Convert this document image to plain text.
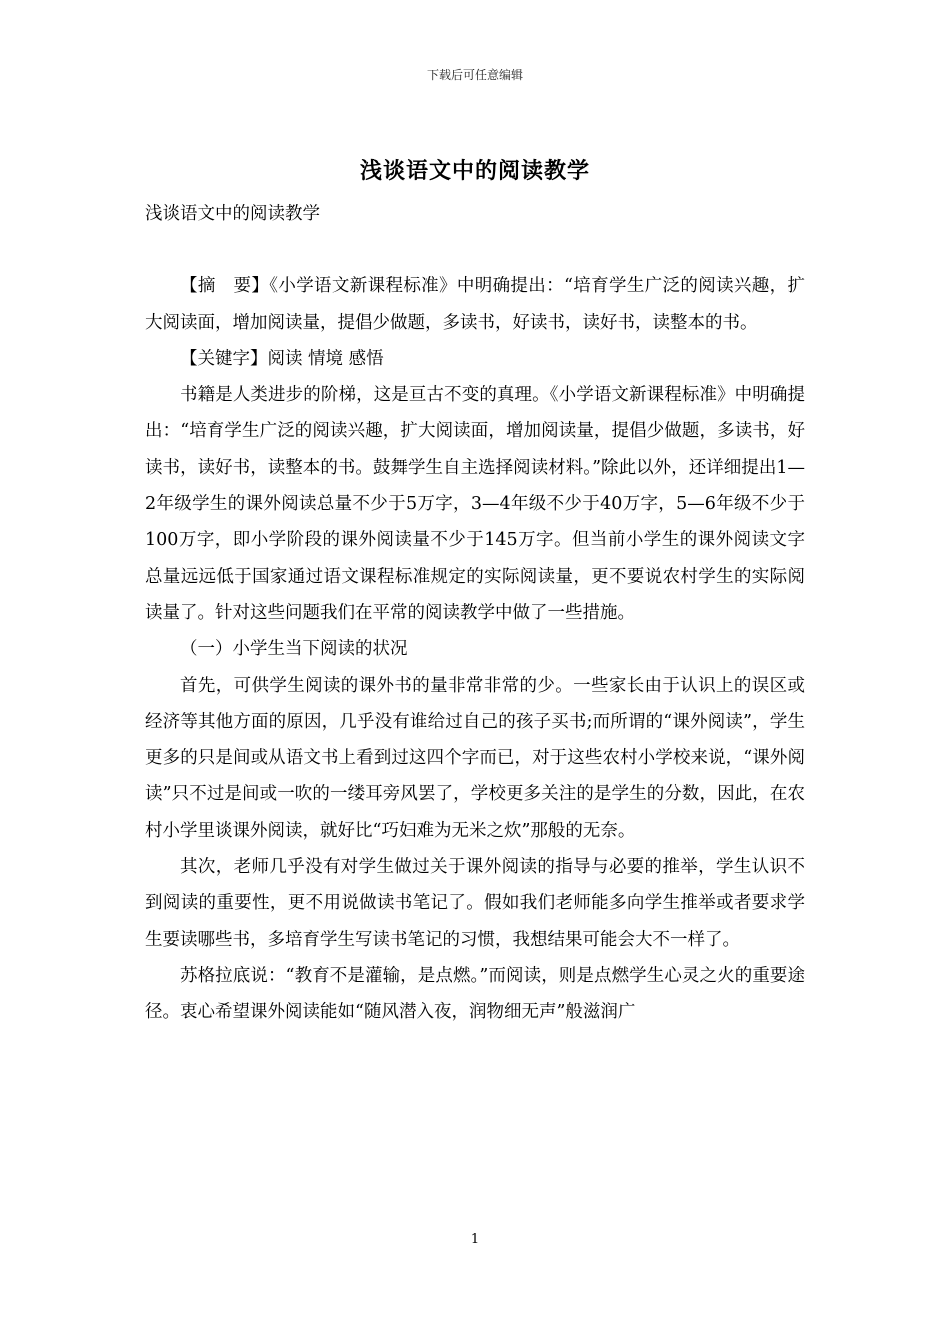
下载后可任意编辑
浅谈语文中的阅读教学

浅谈语文中的阅读教学

【摘　要】《小学语文新课程标准》中明确提出：“培育学生广泛的阅读兴趣，扩大阅读面，增加阅读量，提倡少做题，多读书，好读书，读好书，读整本的书。

【关键字】阅读 情境 感悟

书籍是人类进步的阶梯，这是亘古不变的真理。《小学语文新课程标准》中明确提出：“培育学生广泛的阅读兴趣，扩大阅读面，增加阅读量，提倡少做题，多读书，好读书，读好书，读整本的书。鼓舞学生自主选择阅读材料。”除此以外，还详细提出1—2年级学生的课外阅读总量不少于5万字，3—4年级不少于40万字，5—6年级不少于100万字，即小学阶段的课外阅读量不少于145万字。但当前小学生的课外阅读文字总量远远低于国家通过语文课程标准规定的实际阅读量，更不要说农村学生的实际阅读量了。针对这些问题我们在平常的阅读教学中做了一些措施。

（一）小学生当下阅读的状况

首先，可供学生阅读的课外书的量非常非常的少。一些家长由于认识上的误区或经济等其他方面的原因，几乎没有谁给过自己的孩子买书;而所谓的“课外阅读”，学生更多的只是间或从语文书上看到过这四个字而已，对于这些农村小学校来说，“课外阅读”只不过是间或一吹的一缕耳旁风罢了，学校更多关注的是学生的分数，因此，在农村小学里谈课外阅读，就好比“巧妇难为无米之炊”那般的无奈。

其次，老师几乎没有对学生做过关于课外阅读的指导与必要的推举，学生认识不到阅读的重要性，更不用说做读书笔记了。假如我们老师能多向学生推举或者要求学生要读哪些书，多培育学生写读书笔记的习惯，我想结果可能会大不一样了。

苏格拉底说：“教育不是灌输，是点燃。”而阅读，则是点燃学生心灵之火的重要途径。衷心希望课外阅读能如“随风潜入夜，润物细无声”般滋润广

1
